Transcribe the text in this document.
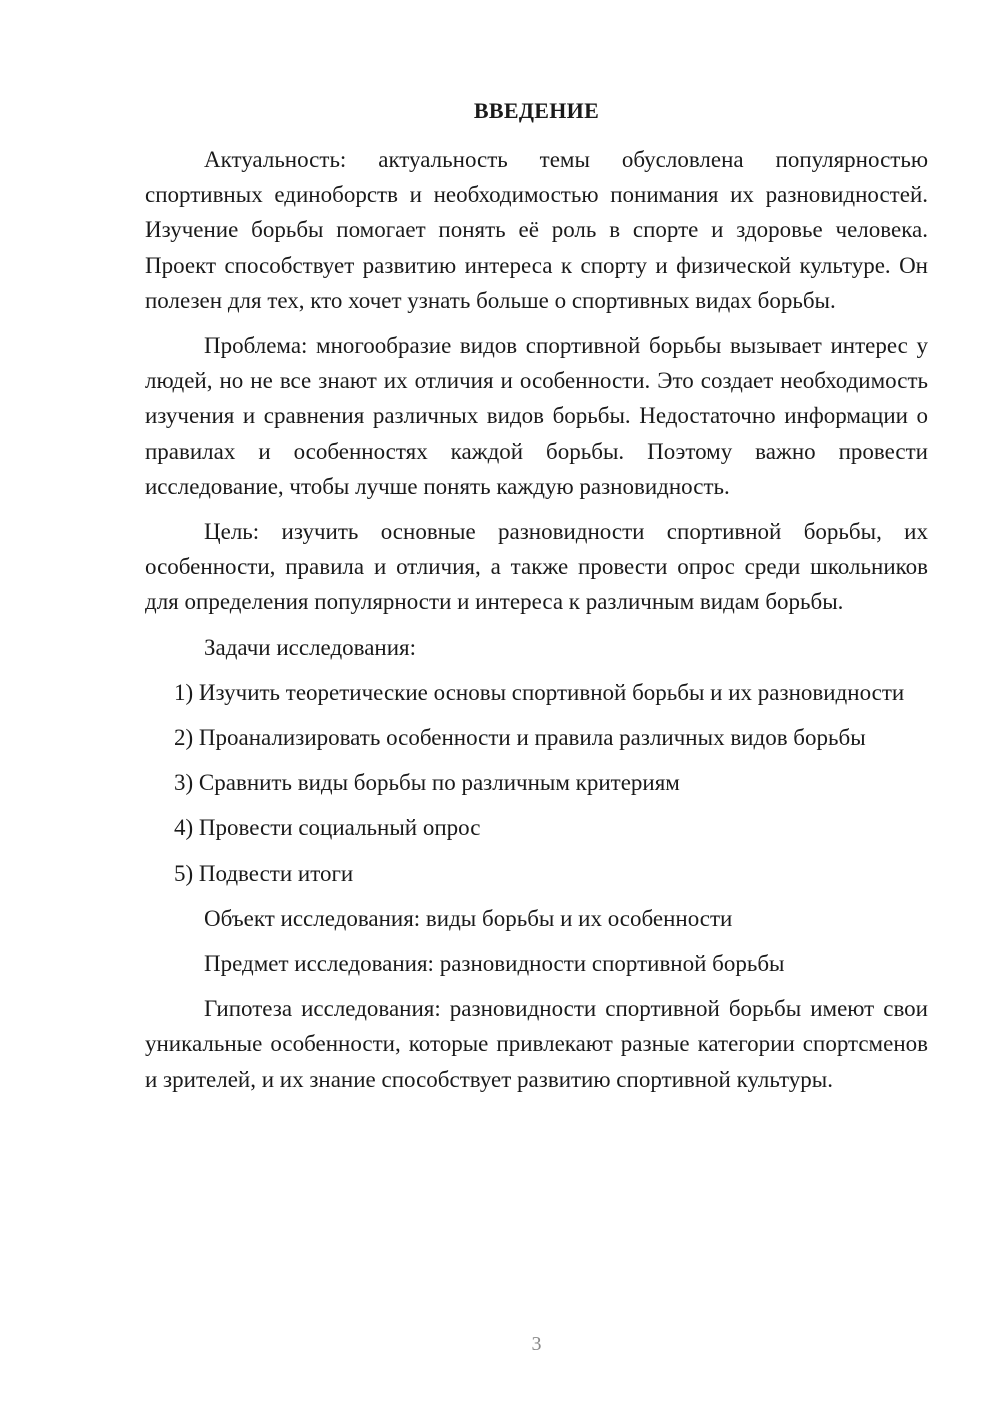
ВВЕДЕНИЕ

Актуальность: актуальность темы обусловлена популярностью спортивных единоборств и необходимостью понимания их разновидностей. Изучение борьбы помогает понять её роль в спорте и здоровье человека. Проект способствует развитию интереса к спорту и физической культуре. Он полезен для тех, кто хочет узнать больше о спортивных видах борьбы.

Проблема: многообразие видов спортивной борьбы вызывает интерес у людей, но не все знают их отличия и особенности. Это создает необходимость изучения и сравнения различных видов борьбы. Недостаточно информации о правилах и особенностях каждой борьбы. Поэтому важно провести исследование, чтобы лучше понять каждую разновидность.

Цель: изучить основные разновидности спортивной борьбы, их особенности, правила и отличия, а также провести опрос среди школьников для определения популярности и интереса к различным видам борьбы.

Задачи исследования:

1) Изучить теоретические основы спортивной борьбы и их разновидности

2) Проанализировать особенности и правила различных видов борьбы

3) Сравнить виды борьбы по различным критериям

4) Провести социальный опрос

5) Подвести итоги

Объект исследования: виды борьбы и их особенности

Предмет исследования: разновидности спортивной борьбы

Гипотеза исследования: разновидности спортивной борьбы имеют свои уникальные особенности, которые привлекают разные категории спортсменов и зрителей, и их знание способствует развитию спортивной культуры.

3
